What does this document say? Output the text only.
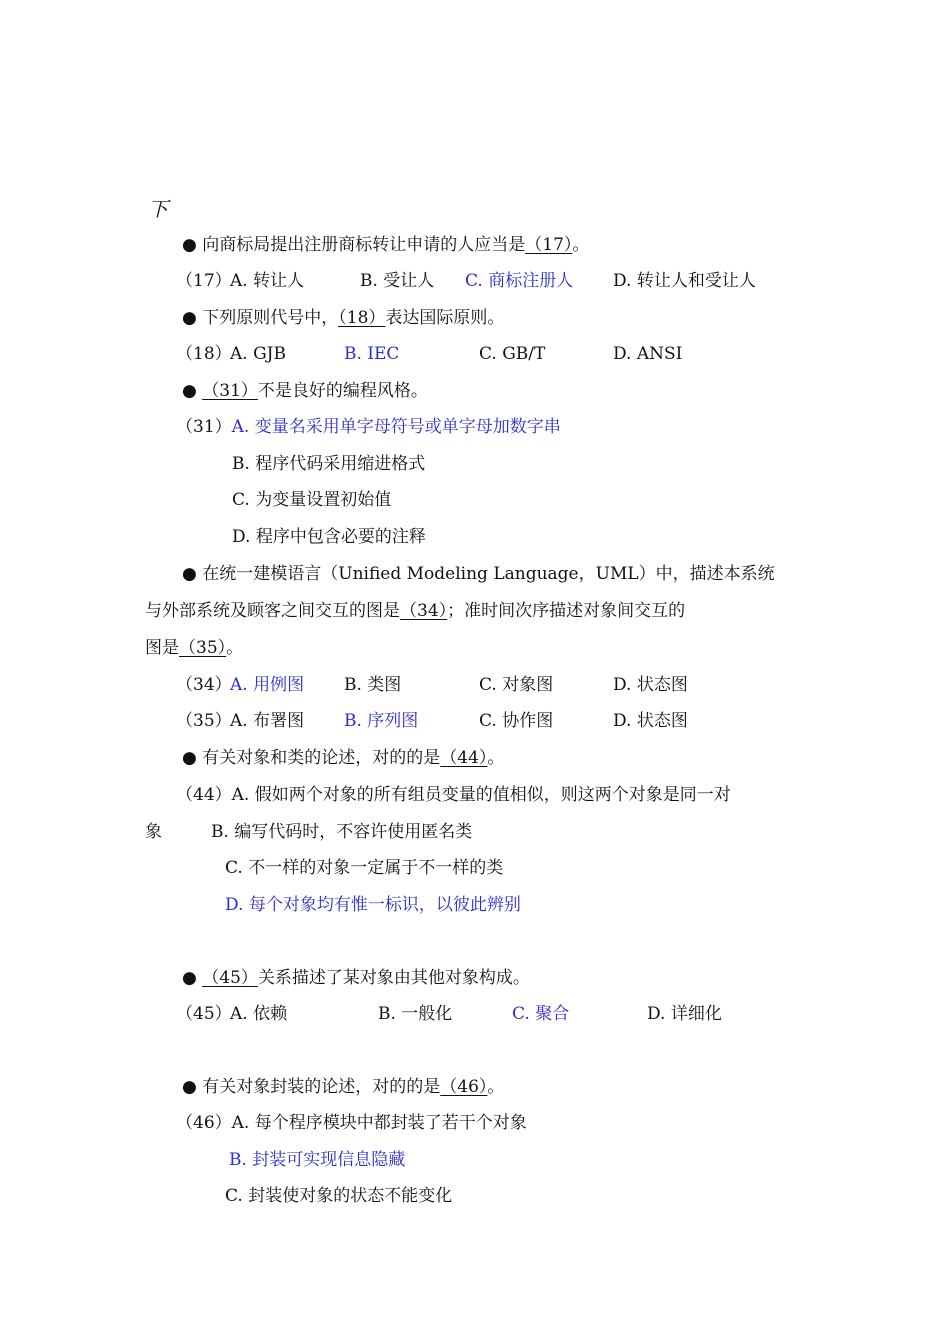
下
● 向商标局提出注册商标转让申请的人应当是（17）。
（17）
A. 转让人	B. 受让人 C. 商标注册人 D. 转让人和受让人
● 下列原则代号中，（18）表达国际原则。
（18）
A. GJB	B. IEC	C. GB/T	D. ANSI
● （31）不是良好的编程风格。
（31）A. 变量名采用单字母符号或单字母加数字串
B. 程序代码采用缩进格式
C. 为变量设置初始值
D. 程序中包含必要的注释
● 在统一建模语言（Unified Modeling Language，UML）中，描述本系统
与外部系统及顾客之间交互的图是（34）；准时间次序描述对象间交互的
图是（35）。
（34）
A. 用例图 B. 类图	C. 对象图	D. 状态图
（35）
A. 布署图 B. 序列图	C. 协作图	D. 状态图
● 有关对象和类的论述，对的的是（44）。
（44）A. 假如两个对象的所有组员变量的值相似，则这两个对象是同一对
象	B. 编写代码时，不容许使用匿名类
C. 不一样的对象一定属于不一样的类
D. 每个对象均有惟一标识，以彼此辨别
● （45）关系描述了某对象由其他对象构成。
（45）
A. 依赖	B. 一般化	C. 聚合	D. 详细化
● 有关对象封装的论述，对的的是（46）。
（46）A. 每个程序模块中都封装了若干个对象
B. 封装可实现信息隐藏
C. 封装使对象的状态不能变化
